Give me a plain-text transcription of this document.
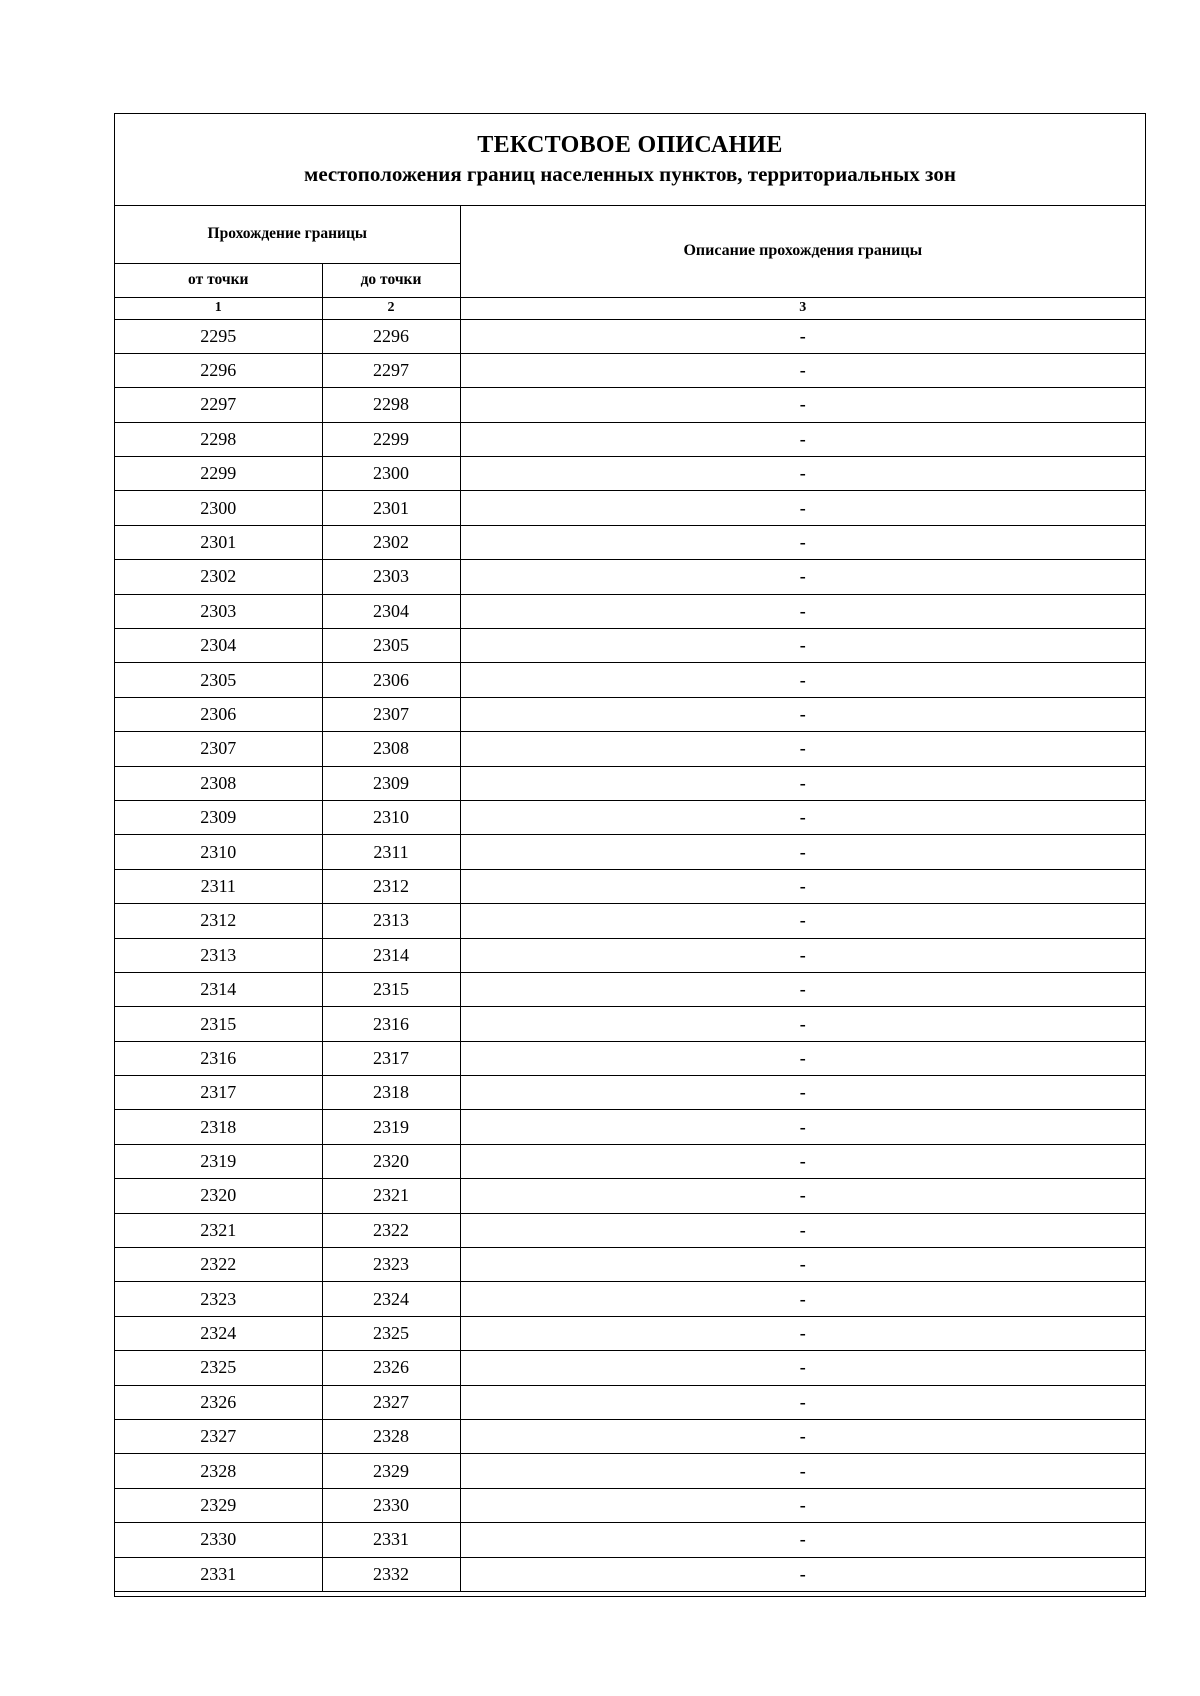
ТЕКСТОВОЕ ОПИСАНИЕ
местоположения границ населенных пунктов, территориальных зон
Прохождение границы		Описание прохождения границы
от точки	до точки	
1	2	3
2295	2296	-
2296	2297	-
2297	2298	-
2298	2299	-
2299	2300	-
2300	2301	-
2301	2302	-
2302	2303	-
2303	2304	-
2304	2305	-
2305	2306	-
2306	2307	-
2307	2308	-
2308	2309	-
2309	2310	-
2310	2311	-
2311	2312	-
2312	2313	-
2313	2314	-
2314	2315	-
2315	2316	-
2316	2317	-
2317	2318	-
2318	2319	-
2319	2320	-
2320	2321	-
2321	2322	-
2322	2323	-
2323	2324	-
2324	2325	-
2325	2326	-
2326	2327	-
2327	2328	-
2328	2329	-
2329	2330	-
2330	2331	-
2331	2332	-
